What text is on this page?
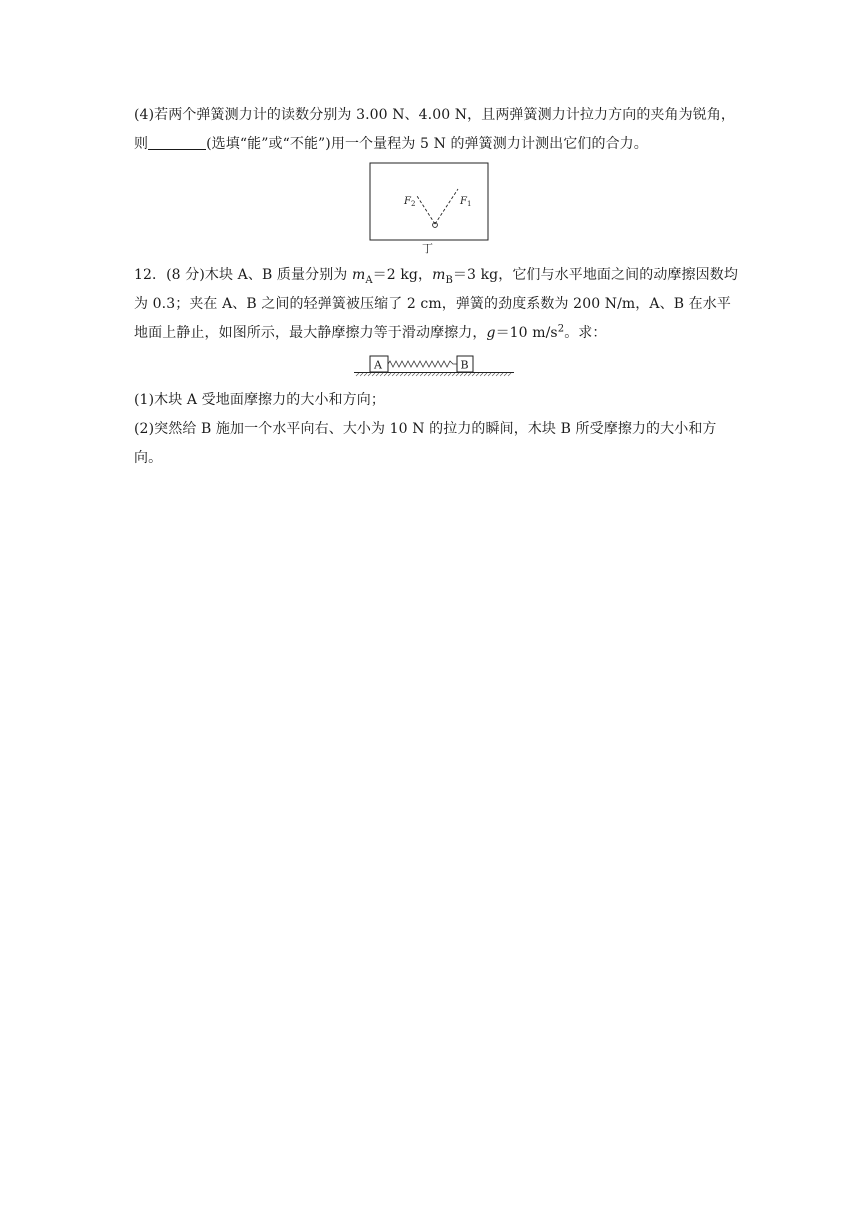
(4)若两个弹簧测力计的读数分别为 3.00 N、4.00 N，且两弹簧测力计拉力方向的夹角为锐角，
则	(选填“能”或“不能”)用一个量程为 5 N 的弹簧测力计测出它们的合力。
$F_2$	$F_1$
丁
12．(8 分)木块 A、B 质量分别为 $m_A=2$ kg，$m_B=3$ kg，它们与水平地面之间的动摩擦因数均
为 0.3；夹在 A、B 之间的轻弹簧被压缩了 2 cm，弹簧的劲度系数为 200 N/m，A、B 在水平
地面上静止，如图所示，最大静摩擦力等于滑动摩擦力，g＝10 $m/s^2$。求：
A	B
(1)木块 A 受地面摩擦力的大小和方向；
(2)突然给 B 施加一个水平向右、大小为 10 N 的拉力的瞬间，木块 B 所受摩擦力的大小和方
向。
